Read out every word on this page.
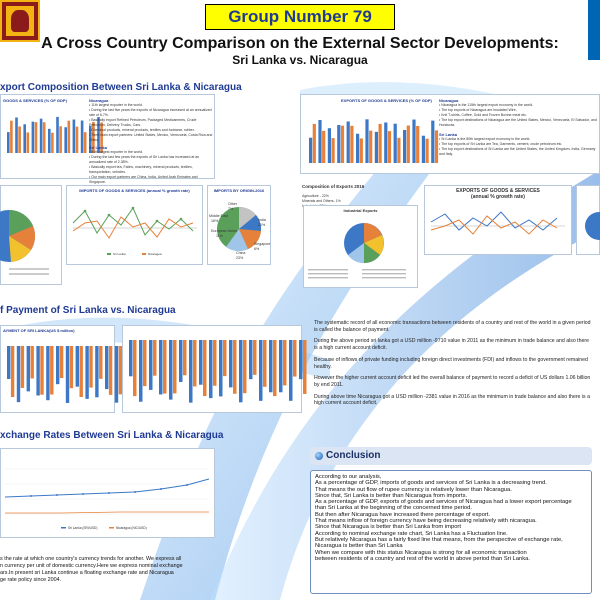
Group Number 79
A Cross Country Comparison on the External Sector Developments:
Sri Lanka vs. Nicaragua
xport Composition Between Sri Lanka & Nicaragua
GOODS & SERVICES (% OF GDP)	Nicaragua
• 11th largest exporter in the world.
• During the last five years the exports of Nicaragua increased at an annualized rate of 6.7%.
• Basically export Refined Petroleum, Packaged Medicaments, Crude Petroleum, Delivery Trucks, Cars.
• Chemical products, mineral products, textiles and footwear, rubber.
• Their main export partners: United States, Mexico, Venezuela, Costa Rica and China.
Sri Lanka
• 84th largest exporter in the world.
• During the last few years the exports of Sri Lanka has increased at an annualized rate of 2.38%.
• Basically export tea, Fabric, machinery, mineral products, textiles, transportation, vehicles.
• Our main export partners are China, India, United Arab Emirates and Singapore.
EXPORTS OF GOODS & SERVICES (% OF GDP) Nicaragua
• Nicaragua is the 115th largest export economy in the world.
• The top exports of Nicaragua are Insulated Wire,
• Knit T-shirts, Coffee, Gold and Frozen Bovine meat etc.
• The top export destinations of Nicaragua are the United States, Mexico, Venezuela, El Salvador, and Honduras.
Sri Lanka
• Sri Lanka is the 80th largest export economy in the world.
• The top exports of Sri Lanka are Tea, Garments, cement, crude petroleum etc.
• The top export destinations of Sri Lanka are the United States, the United Kingdom, India, Germany and Italy.
IMPORTS OF GOODS & SERVICES (annual % growth rate)
Sri Lanka	Nicaragua
IMPORTS BY ORIGIN-2016
Other
7%
Middle East
16%
European Union
11%
China
23%
India
21%
Singapore
6%
Composition of Exports 2016
Agriculture - 22%
Minerals and Others- 1%
Industrial Exports
EXPORTS OF GOODS & SERVICES
(annual % growth rate)
f Payment of Sri Lanka vs. Nicaragua
AYMENT OF SRI LANKA(US $ million)

The systematic record of all economic transactions between residents of a country and rest of the world in a given period is called the balance of payment.

During the above period sri lanka got a USD million -9710 value in 2011 as the minimum in trade balance and also there is a high current account deficit.

Because of inflows of private funding including foreign direct investments (FDI) and inflows to the government remained healthy.

However the higher current account deficit led the overall balance of payment to record a deficit of US dollars 1.06 billion by end 2011.

During above time Nicaragua got a USD million -2381 value in 2016 as the minimum in trade balance and also there is a high current account deficit.

xchange Rates Between Sri Lanka & Nicaragua
Sri Lanka (SRI/USD)	Nicaragua (NIC/USD)
s the rate at which one country's currency trends for another. We express all
n currency per unit of domestic currency.Here we express nominal exchange
ars.In present sri Lanka continue a floating exchange rate and Nicaragua
ge rate policy since 2004.
Conclusion
According to our analysis,
As a percentage of GDP, imports of goods and services of Sri Lanka is a decreasing trend.
That means the out flow of rupee currency is relatively lower than Nicaragua.
Since that, Sri Lanka is better than Nicaragua from imports.
As a percentage of GDP, exports of goods and services of Nicaragua had a lower export percentage
than Sri Lanka at the beginning of the concerned time period.
But then after Nicaragua have increased there percentage of export.
That means inflow of foreign currency have being decreasing relatively with nicaragua.
Since that Nicaragua is better than Sri Lanka from import
According to nominal exchange rate chart, Sri Lanka has a Fluctuation line.
But relatively Nicaragua has a fairly fixed line that means, from the perspective of exchange rate,
Nicaragua is better than Sri Lanka
When we compare with this status Nicaragua is strong for all economic transaction
between residents of a country and rest of the world in above period than Sri Lanka.
